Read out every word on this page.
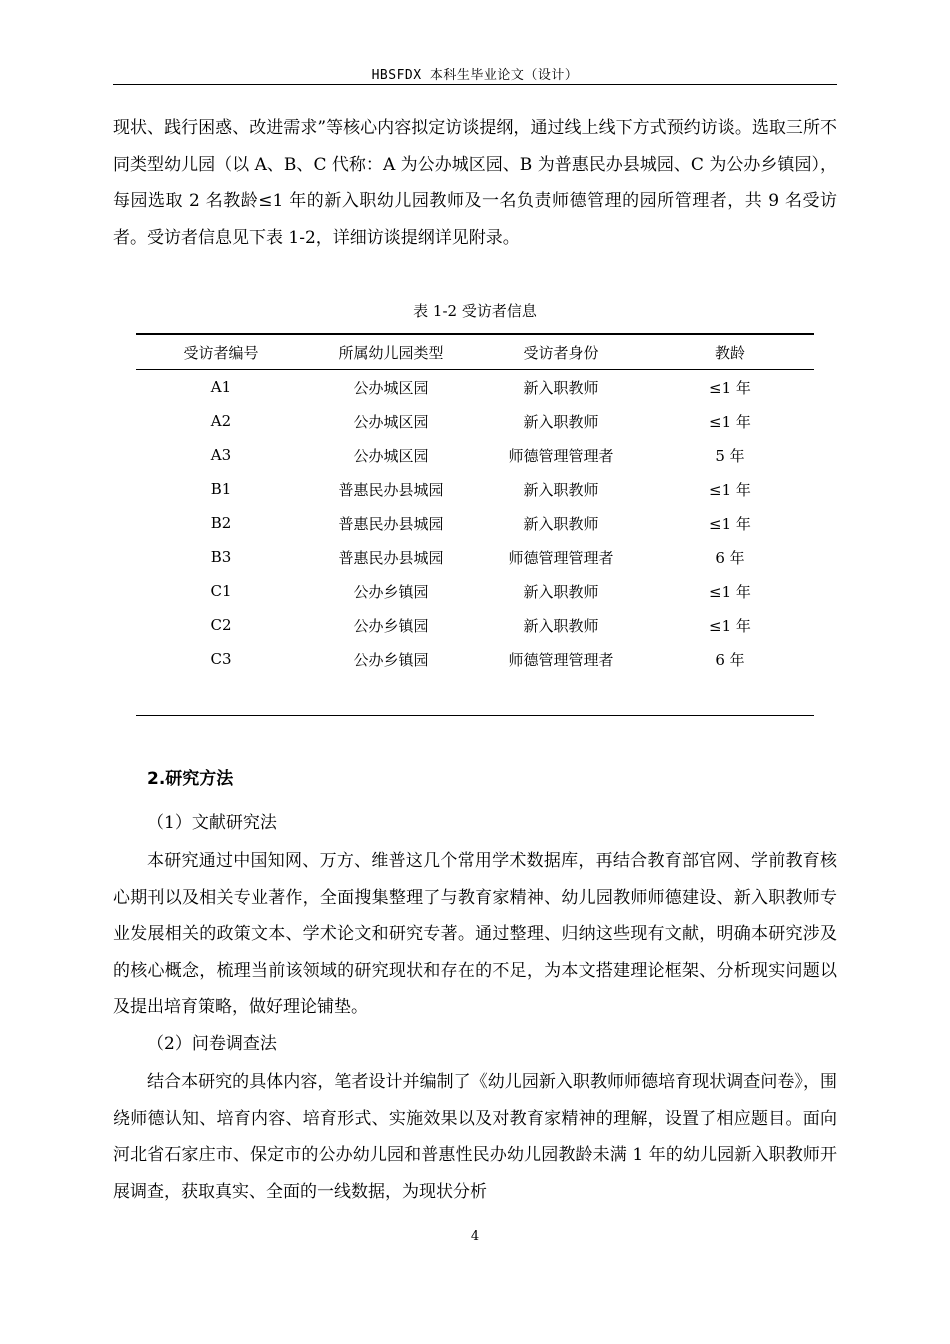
HBSFDX 本科生毕业论文（设计）

现状、践行困惑、改进需求”等核心内容拟定访谈提纲，通过线上线下方式预约访谈。选取三所不同类型幼儿园（以 A、B、C 代称：A 为公办城区园、B 为普惠民办县城园、C 为公办乡镇园），每园选取 2 名教龄≤1 年的新入职幼儿园教师及一名负责师德管理的园所管理者，共 9 名受访者。受访者信息见下表 1-2，详细访谈提纲详见附录。

表 1-2 受访者信息
受访者编号	所属幼儿园类型	受访者身份	教龄
A1	公办城区园	新入职教师	≤1 年
A2	公办城区园	新入职教师	≤1 年
A3	公办城区园	师德管理管理者	5 年
B1	普惠民办县城园	新入职教师	≤1 年
B2	普惠民办县城园	新入职教师	≤1 年
B3	普惠民办县城园	师德管理管理者	6 年
C1	公办乡镇园	新入职教师	≤1 年
C2	公办乡镇园	新入职教师	≤1 年
C3	公办乡镇园	师德管理管理者	6 年
2.研究方法
（1）文献研究法

本研究通过中国知网、万方、维普这几个常用学术数据库，再结合教育部官网、学前教育核心期刊以及相关专业著作，全面搜集整理了与教育家精神、幼儿园教师师德建设、新入职教师专业发展相关的政策文本、学术论文和研究专著。通过整理、归纳这些现有文献，明确本研究涉及的核心概念，梳理当前该领域的研究现状和存在的不足，为本文搭建理论框架、分析现实问题以及提出培育策略，做好理论铺垫。

（2）问卷调查法

结合本研究的具体内容，笔者设计并编制了《幼儿园新入职教师师德培育现状调查问卷》，围绕师德认知、培育内容、培育形式、实施效果以及对教育家精神的理解，设置了相应题目。面向河北省石家庄市、保定市的公办幼儿园和普惠性民办幼儿园教龄未满 1 年的幼儿园新入职教师开展调查，获取真实、全面的一线数据，为现状分析

4
